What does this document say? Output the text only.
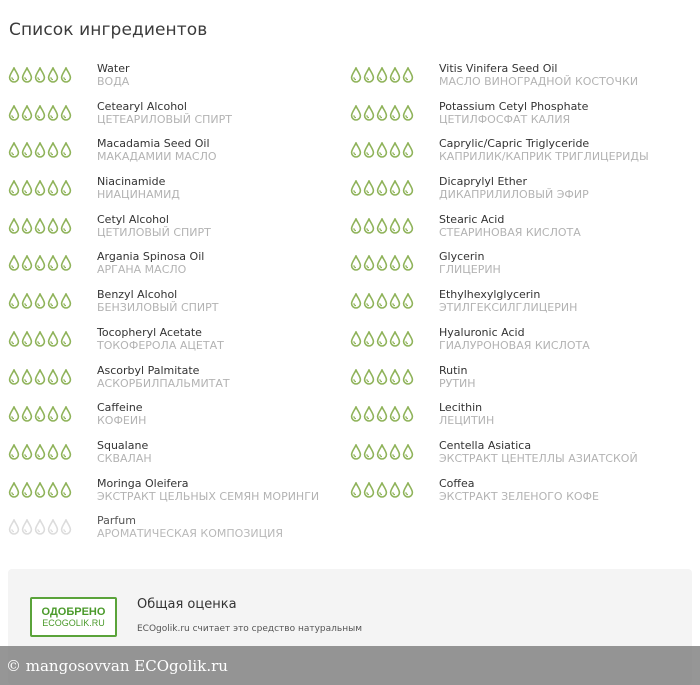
Список ингредиентов
Water
ВОДА
Cetearyl Alcohol
ЦЕТЕАРИЛОВЫЙ СПИРТ
Macadamia Seed Oil
МАКАДАМИИ МАСЛО
Niacinamide
НИАЦИНАМИД
Cetyl Alcohol
ЦЕТИЛОВЫЙ СПИРТ
Argania Spinosa Oil
АРГАНА МАСЛО
Benzyl Alcohol
БЕНЗИЛОВЫЙ СПИРТ
Tocopheryl Acetate
ТОКОФЕРОЛА АЦЕТАТ
Ascorbyl Palmitate
АСКОРБИЛПАЛЬМИТАТ
Caffeine
КОФЕИН
Squalane
СКВАЛАН
Moringa Oleifera
ЭКСТРАКТ ЦЕЛЬНЫХ СЕМЯН МОРИНГИ
Parfum
АРОМАТИЧЕСКАЯ КОМПОЗИЦИЯ
Vitis Vinifera Seed Oil
МАСЛО ВИНОГРАДНОЙ КОСТОЧКИ
Potassium Cetyl Phosphate
ЦЕТИЛФОСФАТ КАЛИЯ
Caprylic/Capric Triglyceride
КАПРИЛИК/КАПРИК ТРИГЛИЦЕРИДЫ
Dicaprylyl Ether
ДИКАПРИЛИЛОВЫЙ ЭФИР
Stearic Acid
СТЕАРИНОВАЯ КИСЛОТА
Glycerin
ГЛИЦЕРИН
Ethylhexylglycerin
ЭТИЛГЕКСИЛГЛИЦЕРИН
Hyaluronic Acid
ГИАЛУРОНОВАЯ КИСЛОТА
Rutin
РУТИН
Lecithin
ЛЕЦИТИН
Centella Asiatica
ЭКСТРАКТ ЦЕНТЕЛЛЫ АЗИАТСКОЙ
Coffea
ЭКСТРАКТ ЗЕЛЕНОГО КОФЕ
ОДОБРЕНО
ECOGOLIK.RU
Общая оценка
ECOgolik.ru считает это средство натуральным
© mangosovvan ECOgolik.ru
